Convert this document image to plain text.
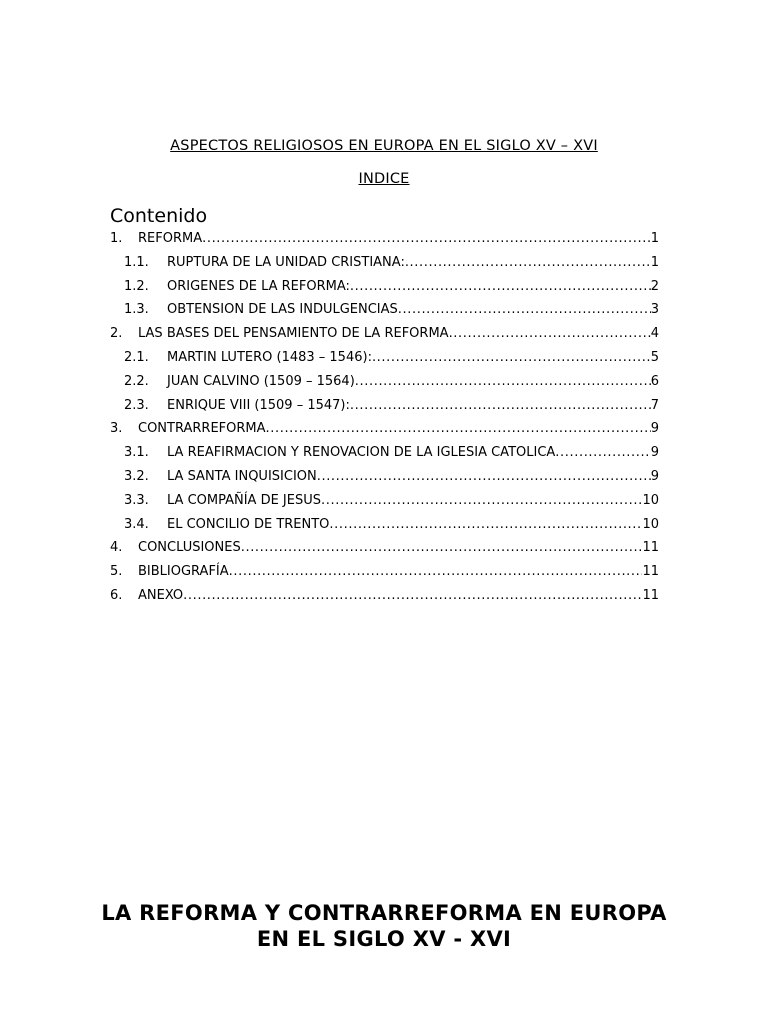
ASPECTOS RELIGIOSOS EN EUROPA EN EL SIGLO XV – XVI
INDICE
Contenido
1.	REFORMA .....	1
1.1.	RUPTURA DE LA UNIDAD CRISTIANA: .....	1
1.2.	ORIGENES DE LA REFORMA: .....	2
1.3.	OBTENSION DE LAS INDULGENCIAS .....	3
2.	LAS BASES DEL PENSAMIENTO DE LA REFORMA .....	4
2.1.	MARTIN LUTERO (1483 – 1546): .....	5
2.2.	JUAN CALVINO (1509 – 1564) .....	6
2.3.	ENRIQUE VIII (1509 – 1547): .....	7
3.	CONTRARREFORMA .....	9
3.1.	LA REAFIRMACION Y RENOVACION DE LA IGLESIA CATOLICA .....	9
3.2.	LA SANTA INQUISICION .....	9
3.3.	LA COMPAÑÍA DE JESUS .....	10
3.4.	EL CONCILIO DE TRENTO .....	10
4.	CONCLUSIONES .....	11
5.	BIBLIOGRAFÍA .....	11
6.	ANEXO .....	11
LA REFORMA Y CONTRARREFORMA EN EUROPA
EN EL SIGLO XV - XVI
